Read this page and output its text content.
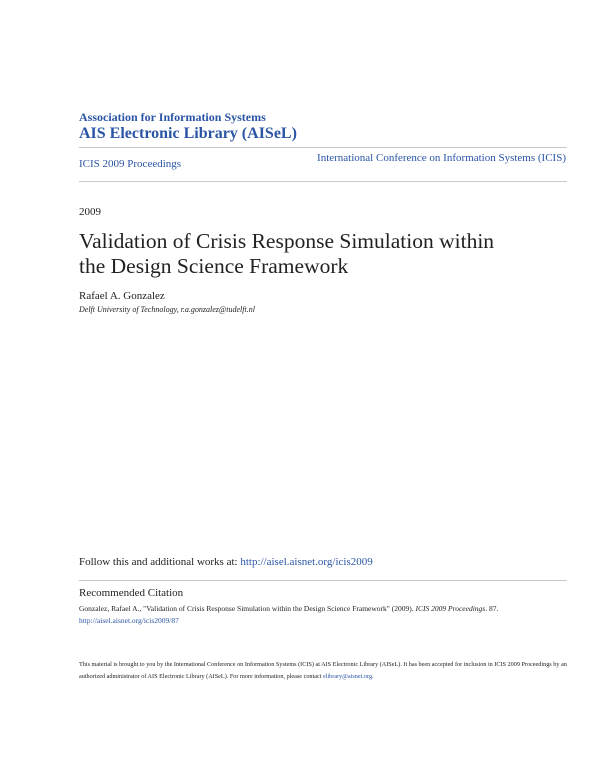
Association for Information Systems
AIS Electronic Library (AISeL)
ICIS 2009 Proceedings	International Conference on Information Systems (ICIS)
2009
Validation of Crisis Response Simulation within the Design Science Framework
Rafael A. Gonzalez
Delft University of Technology, r.a.gonzalez@tudelft.nl
Follow this and additional works at: http://aisel.aisnet.org/icis2009
Recommended Citation
Gonzalez, Rafael A., "Validation of Crisis Response Simulation within the Design Science Framework" (2009). ICIS 2009 Proceedings. 87.
http://aisel.aisnet.org/icis2009/87
This material is brought to you by the International Conference on Information Systems (ICIS) at AIS Electronic Library (AISeL). It has been accepted for inclusion in ICIS 2009 Proceedings by an authorized administrator of AIS Electronic Library (AISeL). For more information, please contact elibrary@aisnet.org.
